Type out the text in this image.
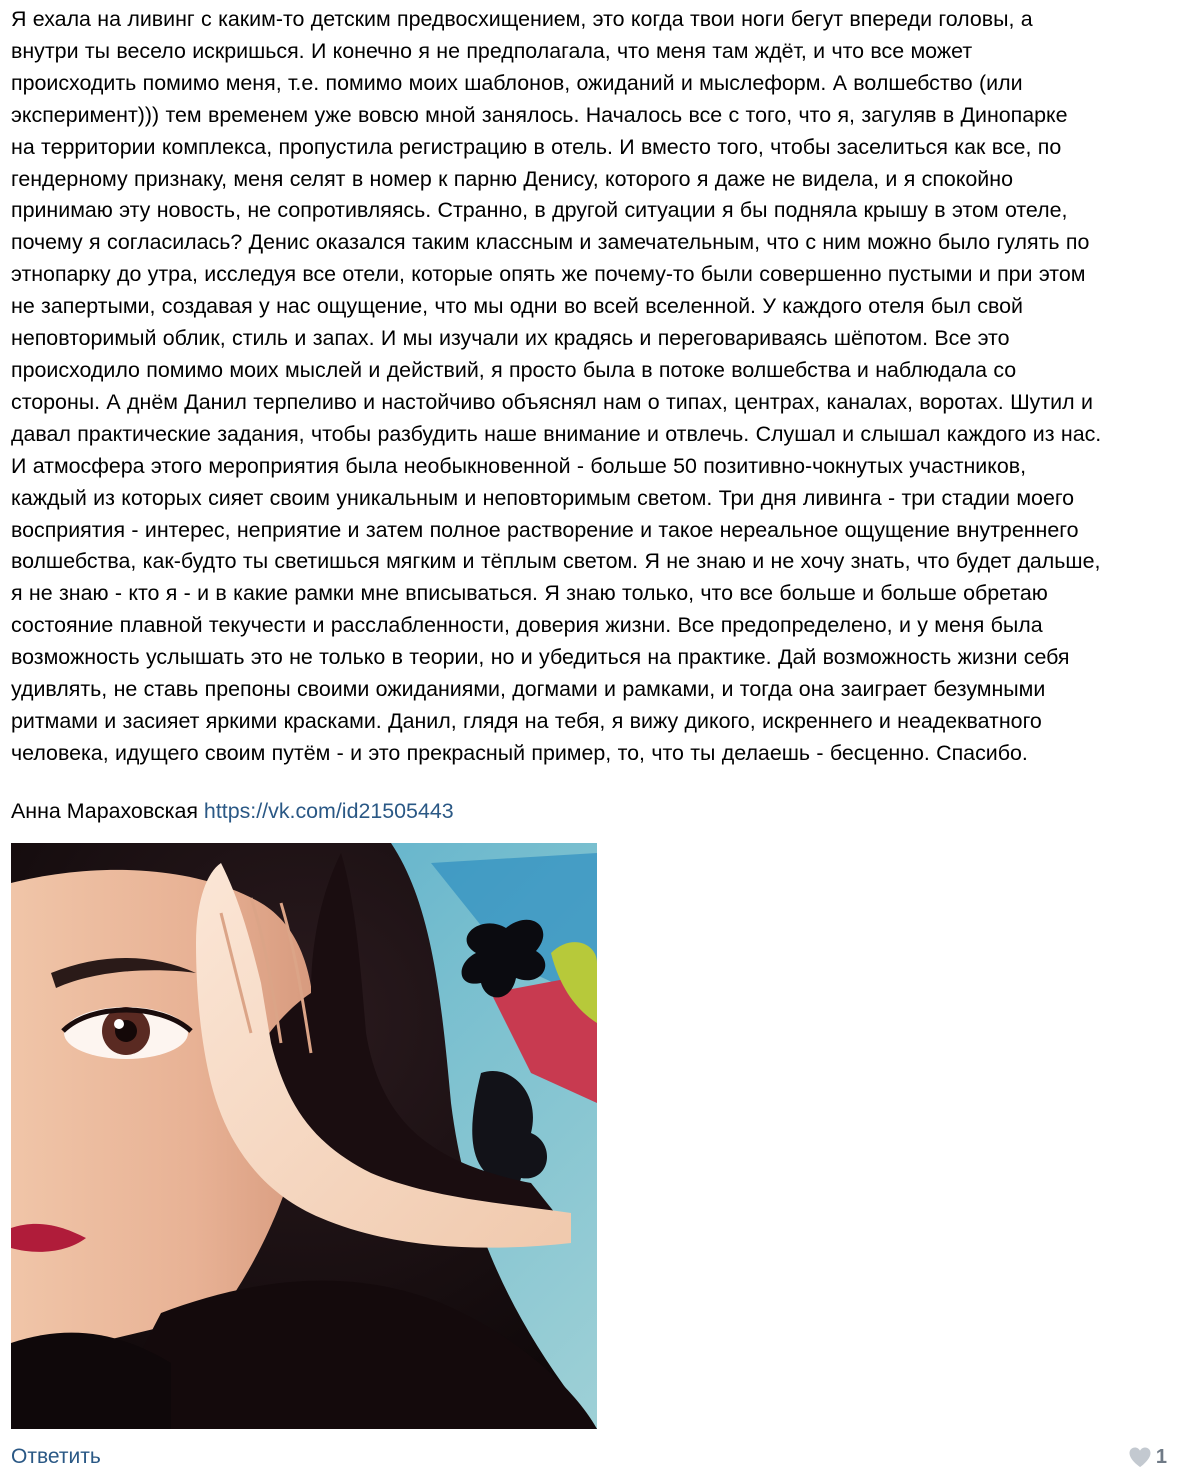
Я ехала на ливинг с каким-то детским предвосхищением, это когда твои ноги бегут впереди головы, а
внутри ты весело искришься. И конечно я не предполагала, что меня там ждёт, и что все может
происходить помимо меня, т.е. помимо моих шаблонов, ожиданий и мыслеформ. А волшебство (или
эксперимент))) тем временем уже вовсю мной занялось. Началось все с того, что я, загуляв в Динопарке
на территории комплекса, пропустила регистрацию в отель. И вместо того, чтобы заселиться как все, по
гендерному признаку, меня селят в номер к парню Денису, которого я даже не видела, и я спокойно
принимаю эту новость, не сопротивляясь. Странно, в другой ситуации я бы подняла крышу в этом отеле,
почему я согласилась? Денис оказался таким классным и замечательным, что с ним можно было гулять по
этнопарку до утра, исследуя все отели, которые опять же почему-то были совершенно пустыми и при этом
не запертыми, создавая у нас ощущение, что мы одни во всей вселенной. У каждого отеля был свой
неповторимый облик, стиль и запах. И мы изучали их крадясь и переговариваясь шёпотом. Все это
происходило помимо моих мыслей и действий, я просто была в потоке волшебства и наблюдала со
стороны. А днём Данил терпеливо и настойчиво объяснял нам о типах, центрах, каналах, воротах. Шутил и
давал практические задания, чтобы разбудить наше внимание и отвлечь. Слушал и слышал каждого из нас.
И атмосфера этого мероприятия была необыкновенной - больше 50 позитивно-чокнутых участников,
каждый из которых сияет своим уникальным и неповторимым светом. Три дня ливинга - три стадии моего
восприятия - интерес, неприятие и затем полное растворение и такое нереальное ощущение внутреннего
волшебства, как-будто ты светишься мягким и тёплым светом. Я не знаю и не хочу знать, что будет дальше,
я не знаю - кто я - и в какие рамки мне вписываться. Я знаю только, что все больше и больше обретаю
состояние плавной текучести и расслабленности, доверия жизни. Все предопределено, и у меня была
возможность услышать это не только в теории, но и убедиться на практике. Дай возможность жизни себя
удивлять, не ставь препоны своими ожиданиями, догмами и рамками, и тогда она заиграет безумными
ритмами и засияет яркими красками. Данил, глядя на тебя, я вижу дикого, искреннего и неадекватного
человека, идущего своим путём - и это прекрасный пример, то, что ты делаешь - бесценно. Спасибо.

Анна Мараховская https://vk.com/id21505443
Ответить	1
